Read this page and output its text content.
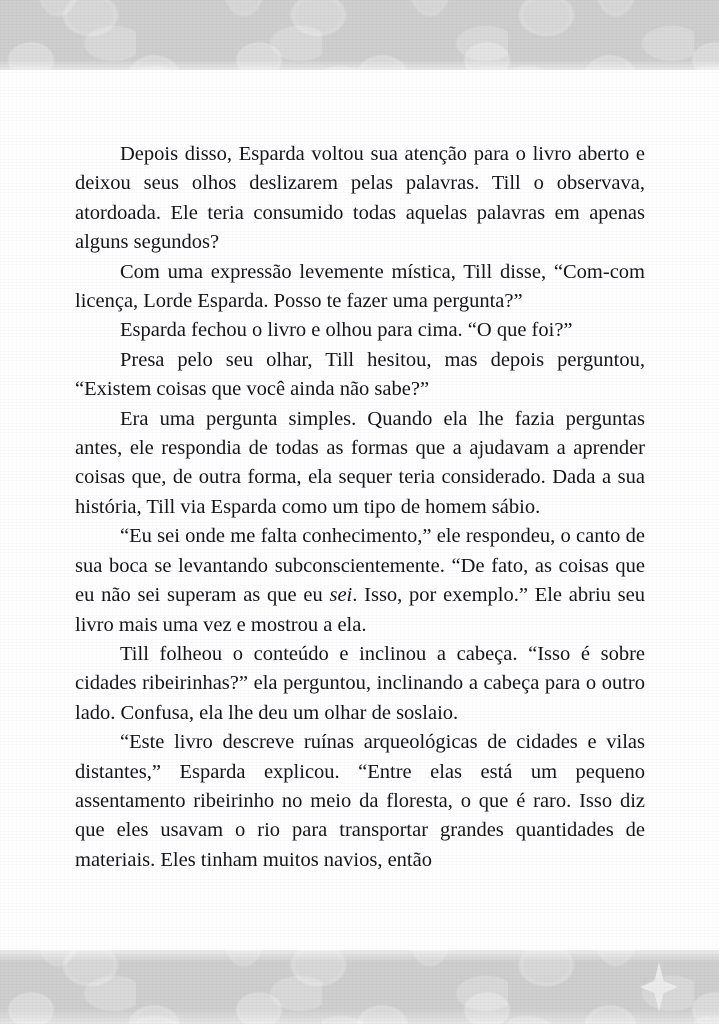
Depois disso, Esparda voltou sua atenção para o livro aberto e deixou seus olhos deslizarem pelas palavras. Till o observava, atordoada. Ele teria consumido todas aquelas palavras em apenas alguns segundos?

Com uma expressão levemente mística, Till disse, “Com-com licença, Lorde Esparda. Posso te fazer uma pergunta?”

Esparda fechou o livro e olhou para cima. “O que foi?”

Presa pelo seu olhar, Till hesitou, mas depois perguntou, “Existem coisas que você ainda não sabe?”

Era uma pergunta simples. Quando ela lhe fazia perguntas antes, ele respondia de todas as formas que a ajudavam a aprender coisas que, de outra forma, ela sequer teria considerado. Dada a sua história, Till via Esparda como um tipo de homem sábio.

“Eu sei onde me falta conhecimento,” ele respondeu, o canto de sua boca se levantando subconscientemente. “De fato, as coisas que eu não sei superam as que eu sei. Isso, por exemplo.” Ele abriu seu livro mais uma vez e mostrou a ela.

Till folheou o conteúdo e inclinou a cabeça. “Isso é sobre cidades ribeirinhas?” ela perguntou, inclinando a cabeça para o outro lado. Confusa, ela lhe deu um olhar de soslaio.

“Este livro descreve ruínas arqueológicas de cidades e vilas distantes,” Esparda explicou. “Entre elas está um pequeno assentamento ribeirinho no meio da floresta, o que é raro. Isso diz que eles usavam o rio para transportar grandes quantidades de materiais. Eles tinham muitos navios, então
